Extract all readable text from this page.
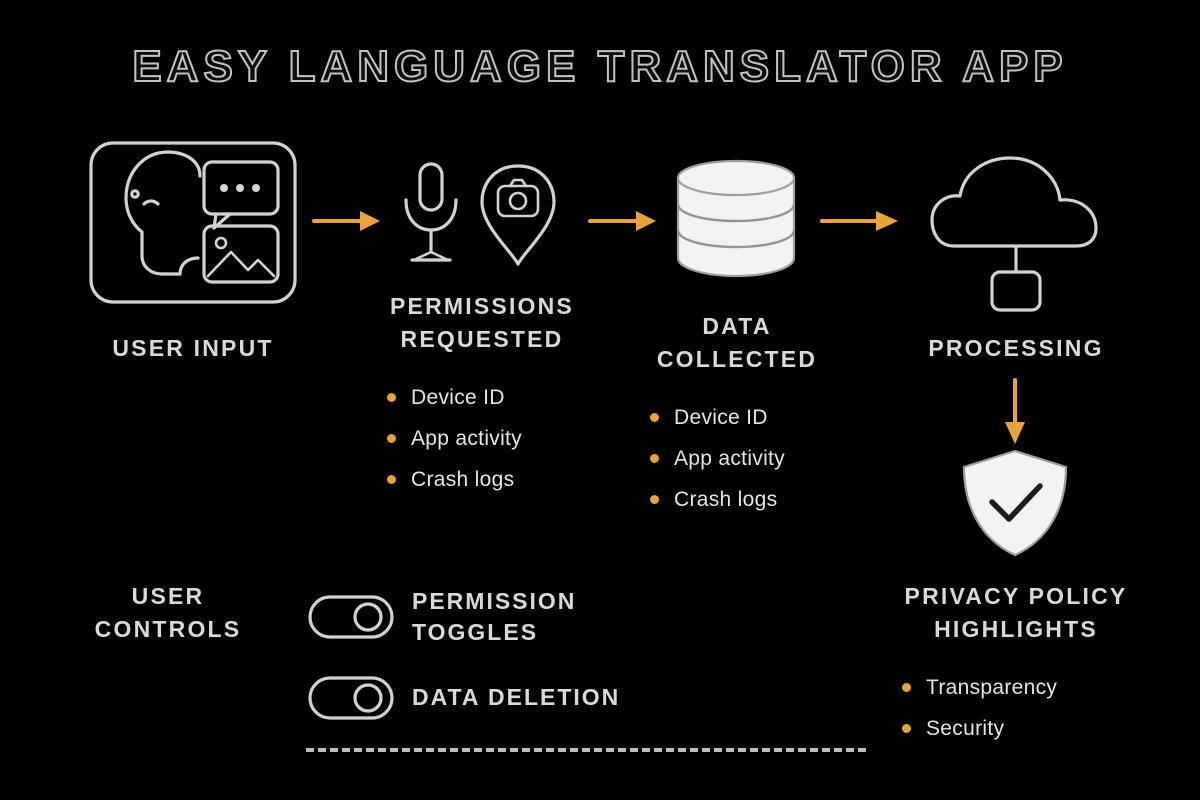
EASY LANGUAGE TRANSLATOR APP
USER INPUT
PERMISSIONS REQUESTED
Device ID
App activity
Crash logs
DATA COLLECTED
Device ID
App activity
Crash logs
PROCESSING
PRIVACY POLICY HIGHLIGHTS
Transparency
Security
USER CONTROLS
PERMISSION TOGGLES
DATA DELETION
